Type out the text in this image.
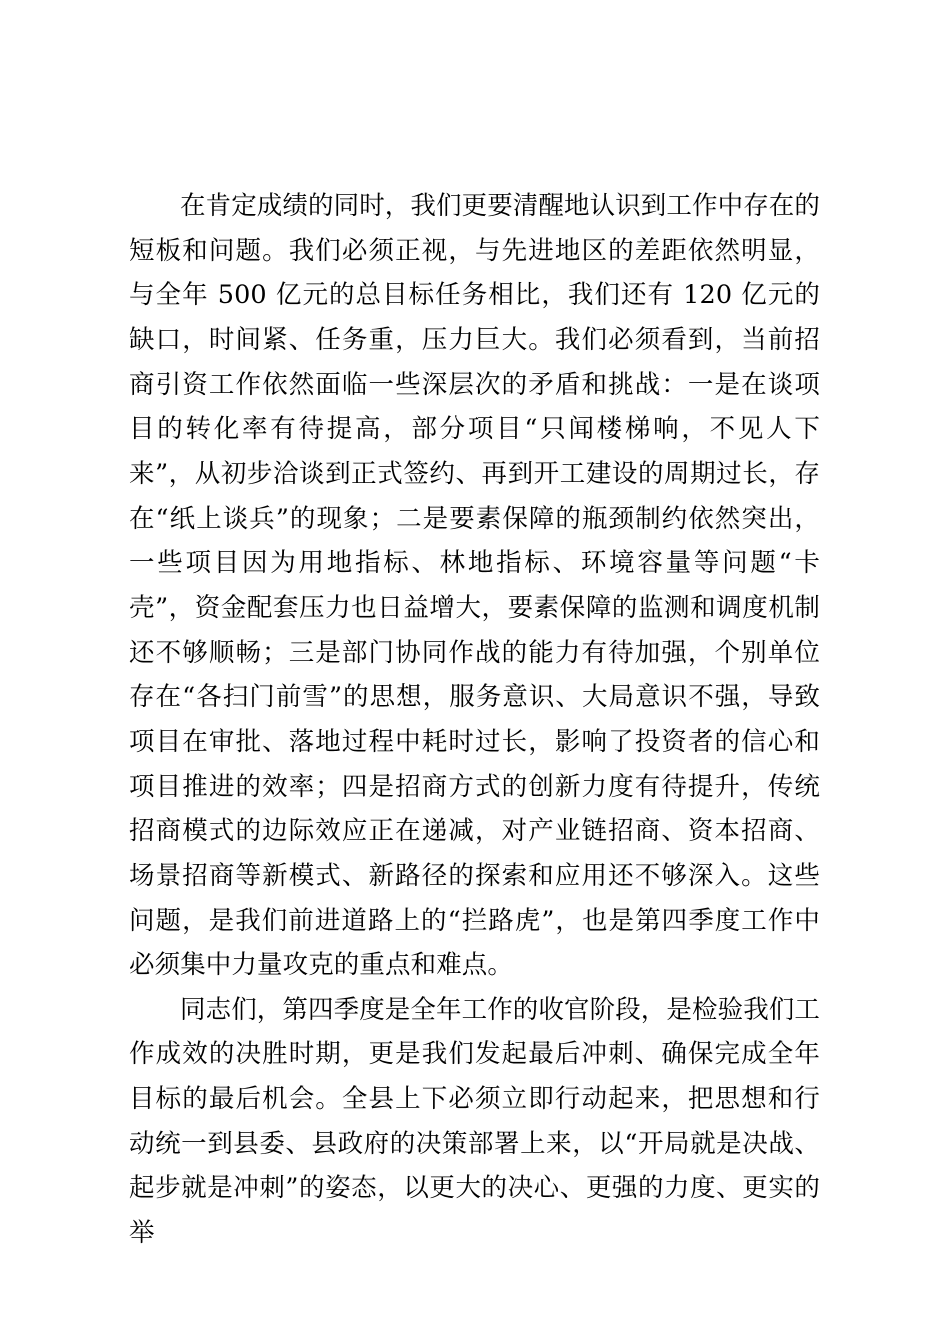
在肯定成绩的同时，我们更要清醒地认识到工作中存在的短板和问题。我们必须正视，与先进地区的差距依然明显，与全年 500 亿元的总目标任务相比，我们还有 120 亿元的缺口，时间紧、任务重，压力巨大。我们必须看到，当前招商引资工作依然面临一些深层次的矛盾和挑战：一是在谈项目的转化率有待提高，部分项目“只闻楼梯响，不见人下来”，从初步洽谈到正式签约、再到开工建设的周期过长，存在“纸上谈兵”的现象；二是要素保障的瓶颈制约依然突出，一些项目因为用地指标、林地指标、环境容量等问题“卡壳”，资金配套压力也日益增大，要素保障的监测和调度机制还不够顺畅；三是部门协同作战的能力有待加强，个别单位存在“各扫门前雪”的思想，服务意识、大局意识不强，导致项目在审批、落地过程中耗时过长，影响了投资者的信心和项目推进的效率；四是招商方式的创新力度有待提升，传统招商模式的边际效应正在递减，对产业链招商、资本招商、场景招商等新模式、新路径的探索和应用还不够深入。这些问题，是我们前进道路上的“拦路虎”，也是第四季度工作中必须集中力量攻克的重点和难点。

同志们，第四季度是全年工作的收官阶段，是检验我们工作成效的决胜时期，更是我们发起最后冲刺、确保完成全年目标的最后机会。全县上下必须立即行动起来，把思想和行动统一到县委、县政府的决策部署上来，以“开局就是决战、起步就是冲刺”的姿态，以更大的决心、更强的力度、更实的举
